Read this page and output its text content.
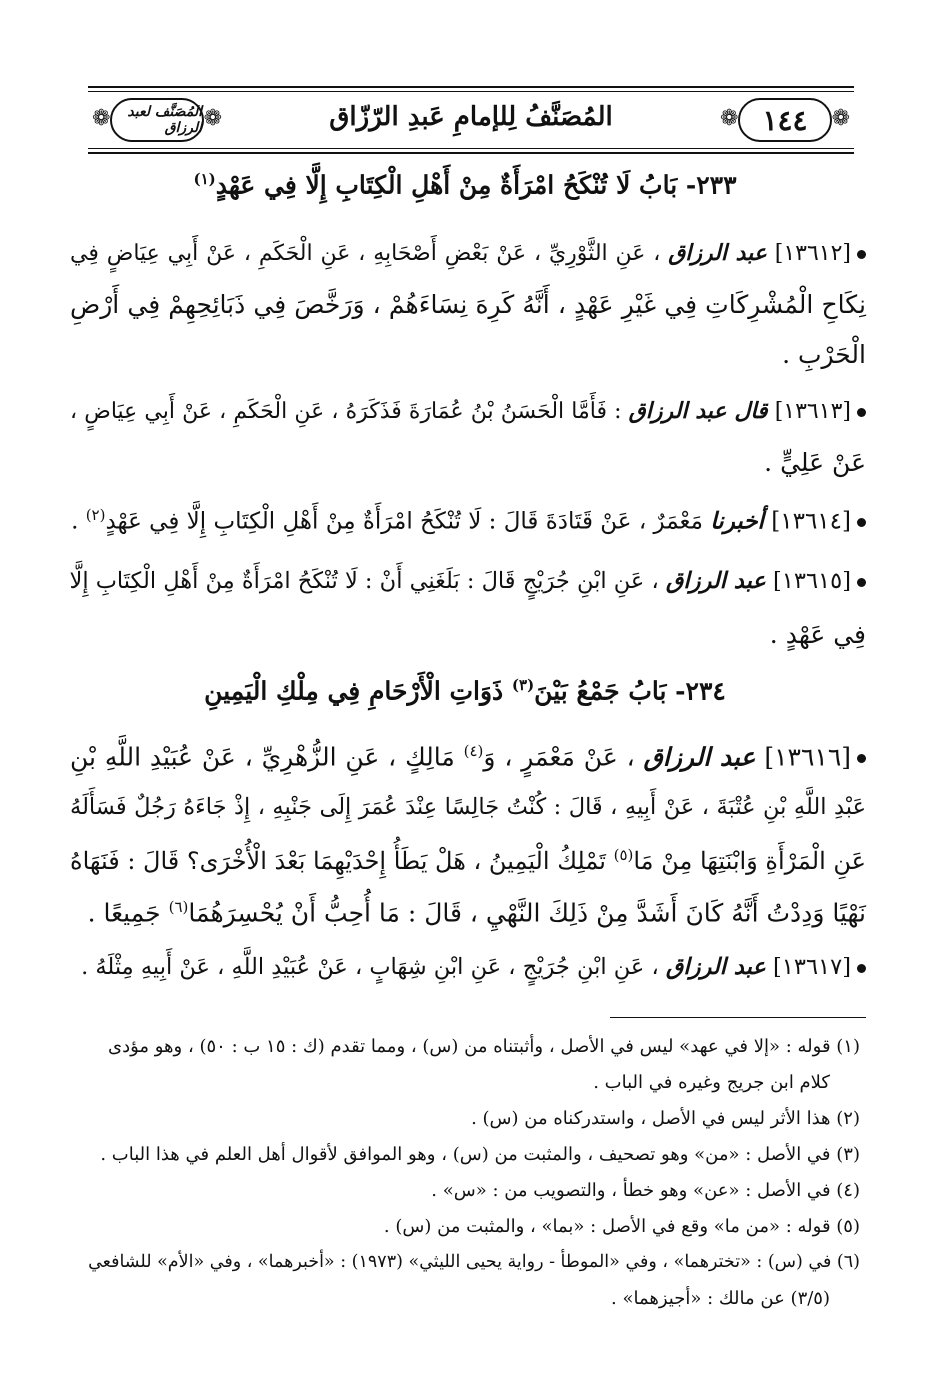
❁
١٤٤
❁
المُصَنَّفُ لِلإمامِ عَبدِ الرّزّاق
❁
المُصَنَّف لعبد الرزاق
❁
٢٣٣- بَابُ لَا تُنْكَحُ امْرَأَةٌ مِنْ أَهْلِ الْكِتَابِ إِلَّا فِي عَهْدٍ$^{(١)}$
[١٣٦١٢] عبد الرزاق ، عَنِ الثَّوْرِيِّ ، عَنْ بَعْضِ أَصْحَابِهِ ، عَنِ الْحَكَمِ ، عَنْ أَبِي عِيَاضٍ فِي
نِكَاحِ الْمُشْرِكَاتِ فِي غَيْرِ عَهْدٍ ، أَنَّهُ كَرِهَ نِسَاءَهُمْ ، وَرَخَّصَ فِي ذَبَائِحِهِمْ فِي أَرْضِ
الْحَرْبِ .
[١٣٦١٣] قال عبد الرزاق : فَأَمَّا الْحَسَنُ بْنُ عُمَارَةَ فَذَكَرَهُ ، عَنِ الْحَكَمِ ، عَنْ أَبِي عِيَاضٍ ،
عَنْ عَلِيٍّ .
[١٣٦١٤] أخبرنا مَعْمَرٌ ، عَنْ قَتَادَةَ قَالَ : لَا تُنْكَحُ امْرَأَةٌ مِنْ أَهْلِ الْكِتَابِ إِلَّا فِي عَهْدٍ$^{(٢)}$ .
[١٣٦١٥] عبد الرزاق ، عَنِ ابْنِ جُرَيْجٍ قَالَ : بَلَغَنِي أَنْ : لَا تُنْكَحُ امْرَأَةٌ مِنْ أَهْلِ الْكِتَابِ إِلَّا
فِي عَهْدٍ .
٢٣٤- بَابُ جَمْعُ بَيْنَ$^{(٣)}$ ذَوَاتِ الْأَرْحَامِ فِي مِلْكِ الْيَمِينِ
[١٣٦١٦] عبد الرزاق ، عَنْ مَعْمَرٍ ، وَ$^{(٤)}$ مَالِكٍ ، عَنِ الزُّهْرِيِّ ، عَنْ عُبَيْدِ اللَّهِ بْنِ
عَبْدِ اللَّهِ بْنِ عُتْبَةَ ، عَنْ أَبِيهِ ، قَالَ : كُنْتُ جَالِسًا عِنْدَ عُمَرَ إِلَى جَنْبِهِ ، إِذْ جَاءَهُ رَجُلٌ فَسَأَلَهُ
عَنِ الْمَرْأَةِ وَابْنَتِهَا مِنْ مَا$^{(٥)}$ تَمْلِكُ الْيَمِينُ ، هَلْ يَطَأُ إِحْدَيْهِمَا بَعْدَ الْأُخْرَى؟ قَالَ : فَنَهَاهُ
نَهْيًا وَدِدْتُ أَنَّهُ كَانَ أَشَدَّ مِنْ ذَلِكَ النَّهْيِ ، قَالَ : مَا أُحِبُّ أَنْ يُحْسِرَهُمَا$^{(٦)}$ جَمِيعًا .
[١٣٦١٧] عبد الرزاق ، عَنِ ابْنِ جُرَيْجٍ ، عَنِ ابْنِ شِهَابٍ ، عَنْ عُبَيْدِ اللَّهِ ، عَنْ أَبِيهِ مِثْلَهُ .
(١) قوله : «إلا في عهد» ليس في الأصل ، وأثبتناه من (س) ، ومما تقدم (ك : ١٥ ب : ٥٠) ، وهو مؤدى
كلام ابن جريج وغيره في الباب .
(٢) هذا الأثر ليس في الأصل ، واستدركناه من (س) .
(٣) في الأصل : «من» وهو تصحيف ، والمثبت من (س) ، وهو الموافق لأقوال أهل العلم في هذا الباب .
(٤) في الأصل : «عن» وهو خطأ ، والتصويب من : «س» .
(٥) قوله : «من ما» وقع في الأصل : «بما» ، والمثبت من (س) .
(٦) في (س) : «تخترهما» ، وفي «الموطأ - رواية يحيى الليثي» (١٩٧٣) : «أخبرهما» ، وفي «الأم» للشافعي
(٣/٥) عن مالك : «أجيزهما» .
